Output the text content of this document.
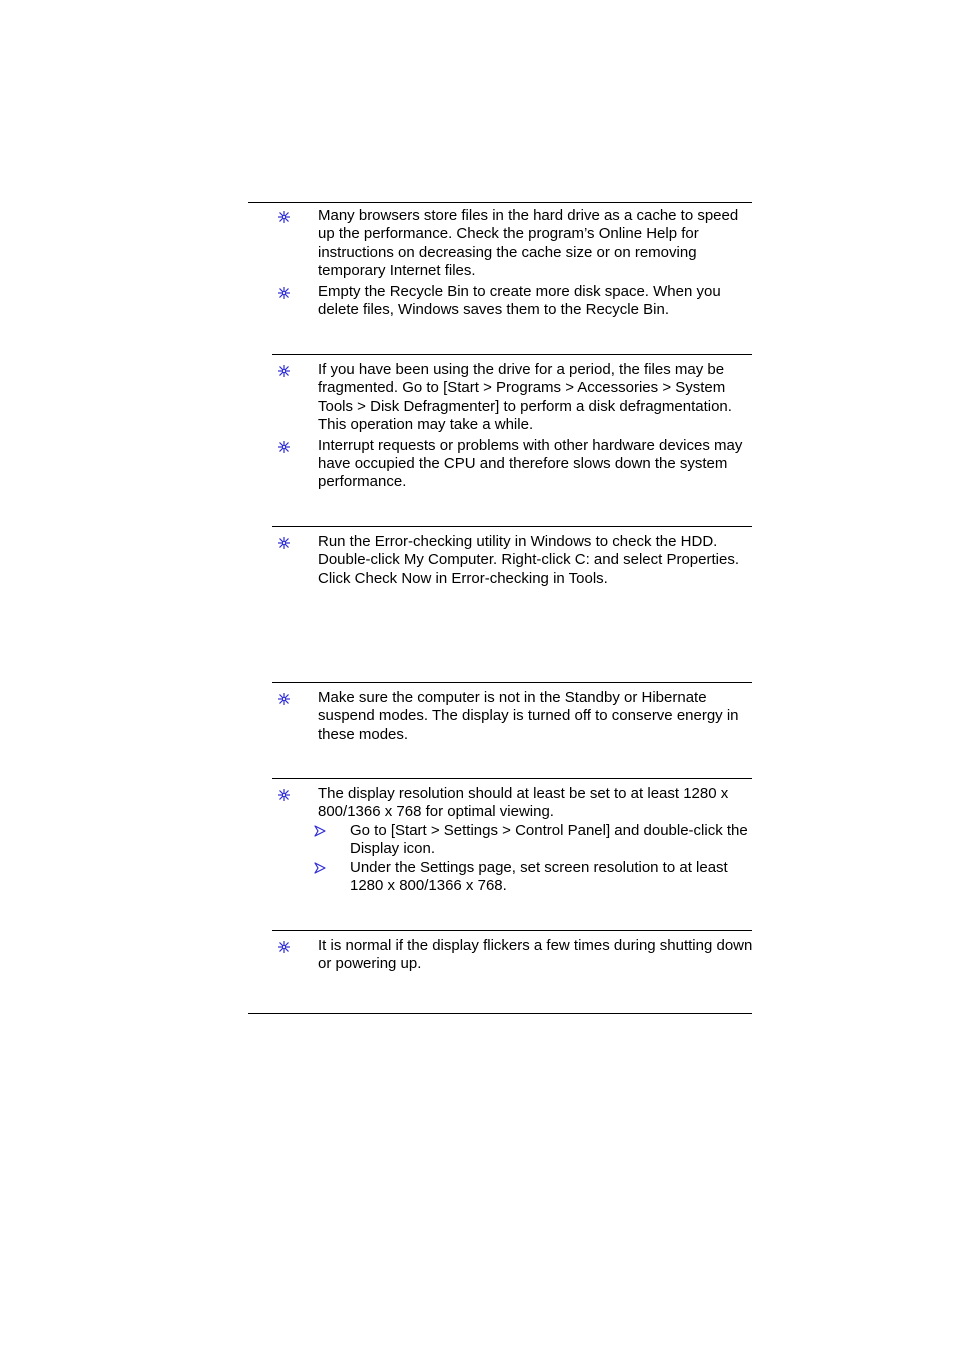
Many browsers store files in the hard drive as a cache to speed up the performance. Check the program’s Online Help for instructions on decreasing the cache size or on removing temporary Internet files.
Empty the Recycle Bin to create more disk space. When you delete files, Windows saves them to the Recycle Bin.
If you have been using the drive for a period, the files may be fragmented. Go to [Start > Programs > Accessories > System Tools > Disk Defragmenter] to perform a disk defragmentation. This operation may take a while.
Interrupt requests or problems with other hardware devices may have occupied the CPU and therefore slows down the system performance.
Run the Error-checking utility in Windows to check the HDD. Double-click My Computer. Right-click C: and select Properties. Click Check Now in Error-checking in Tools.
Make sure the computer is not in the Standby or Hibernate suspend modes. The display is turned off to conserve energy in these modes.
The display resolution should at least be set to at least 1280 x 800/1366 x 768 for optimal viewing.
Go to [Start > Settings > Control Panel] and double-click the Display icon.
Under the Settings page, set screen resolution to at least 1280 x 800/1366 x 768.
It is normal if the display flickers a few times during shutting down or powering up.
